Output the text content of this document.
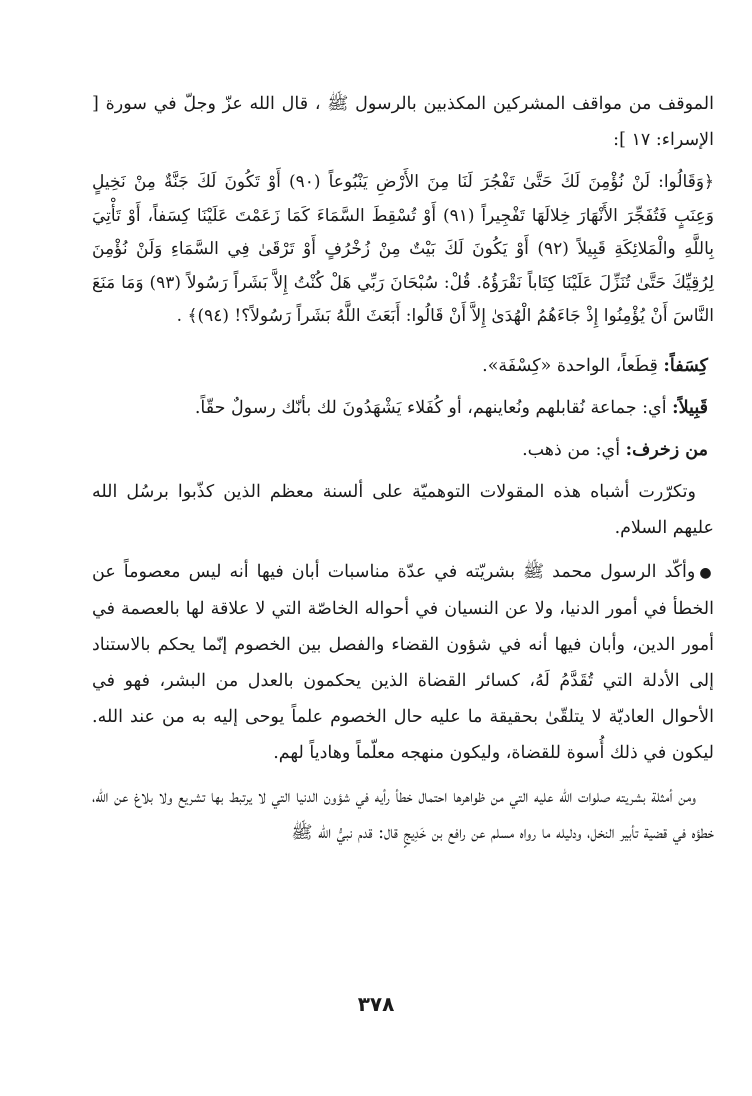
الموقف من مواقف المشركين المكذبين بالرسول ﷺ ، قال الله عزّ وجلّ في سورة [ الإسراء: ١٧ ]:

﴿وَقَالُوا: لَنْ نُؤْمِنَ لَكَ حَتَّىٰ تَفْجُرَ لَنَا مِنَ الأَرْضِ يَنْبُوعاً (٩٠) أَوْ تَكُونَ لَكَ جَنَّةٌ مِنْ نَخِيلٍ وَعِنَبٍ فَتُفَجِّرَ الأَنْهَارَ خِلالَهَا تَفْجِيراً (٩١) أَوْ تُسْقِطَ السَّمَاءَ كَمَا زَعَمْتَ عَلَيْنَا كِسَفاً، أَوْ تَأْتِيَ بِاللَّهِ والْمَلائِكَةِ قَبِيلاً (٩٢) أَوْ يَكُونَ لَكَ بَيْتٌ مِنْ زُخْرُفٍ أَوْ تَرْقَىٰ فِي السَّمَاءِ وَلَنْ نُؤْمِنَ لِرُقِيِّكَ حَتَّىٰ تُنَزِّلَ عَلَيْنَا كِتَاباً نَقْرَؤُهُ. قُلْ: سُبْحَانَ رَبِّي هَلْ كُنْتُ إِلاَّ بَشَراً رَسُولاً (٩٣) وَمَا مَنَعَ النَّاسَ أَنْ يُؤْمِنُوا إِذْ جَاءَهُمُ الْهُدَىٰ إِلاَّ أَنْ قَالُوا: أَبَعَثَ اللَّهُ بَشَراً رَسُولاً؟! (٩٤)﴾ .

كِسَفاً: قِطَعاً، الواحدة «كِسْفَة».

قَبِيلاً: أي: جماعة نُقابلهم ونُعاينهم، أو كُفَلاء يَشْهَدُونَ لك بأنّك رسولٌ حقّاً.

من زخرف: أي: من ذهب.

وتكرّرت أشباه هذه المقولات التوهميّة على ألسنة معظم الذين كذّبوا برسُل الله عليهم السلام.

●وأكّد الرسول محمد ﷺ بشريّته في عدّة مناسبات أبان فيها أنه ليس معصوماً عن الخطأ في أمور الدنيا، ولا عن النسيان في أحواله الخاصّة التي لا علاقة لها بالعصمة في أمور الدين، وأبان فيها أنه في شؤون القضاء والفصل بين الخصوم إنّما يحكم بالاستناد إلى الأدلة التي تُقَدَّمُ لَهُ، كسائر القضاة الذين يحكمون بالعدل من البشر، فهو في الأحوال العاديّة لا يتلقّىٰ بحقيقة ما عليه حال الخصوم علماً يوحى إليه به من عند الله. ليكون في ذلك أُسوة للقضاة، وليكون منهجه معلّماً وهادياً لهم.

ومن أمثلة بشريته صلوات الله عليه التي من ظواهرها احتمال خطأ رأيه في شؤون الدنيا التي لا يرتبط بها تشريع ولا بلاغ عن الله، خطؤه في قضية تأبير النخل، ودليله ما رواه مسلم عن رافع بن خَدِيجٍ قال: قدم نبيُّ الله ﷺ

٣٧٨
